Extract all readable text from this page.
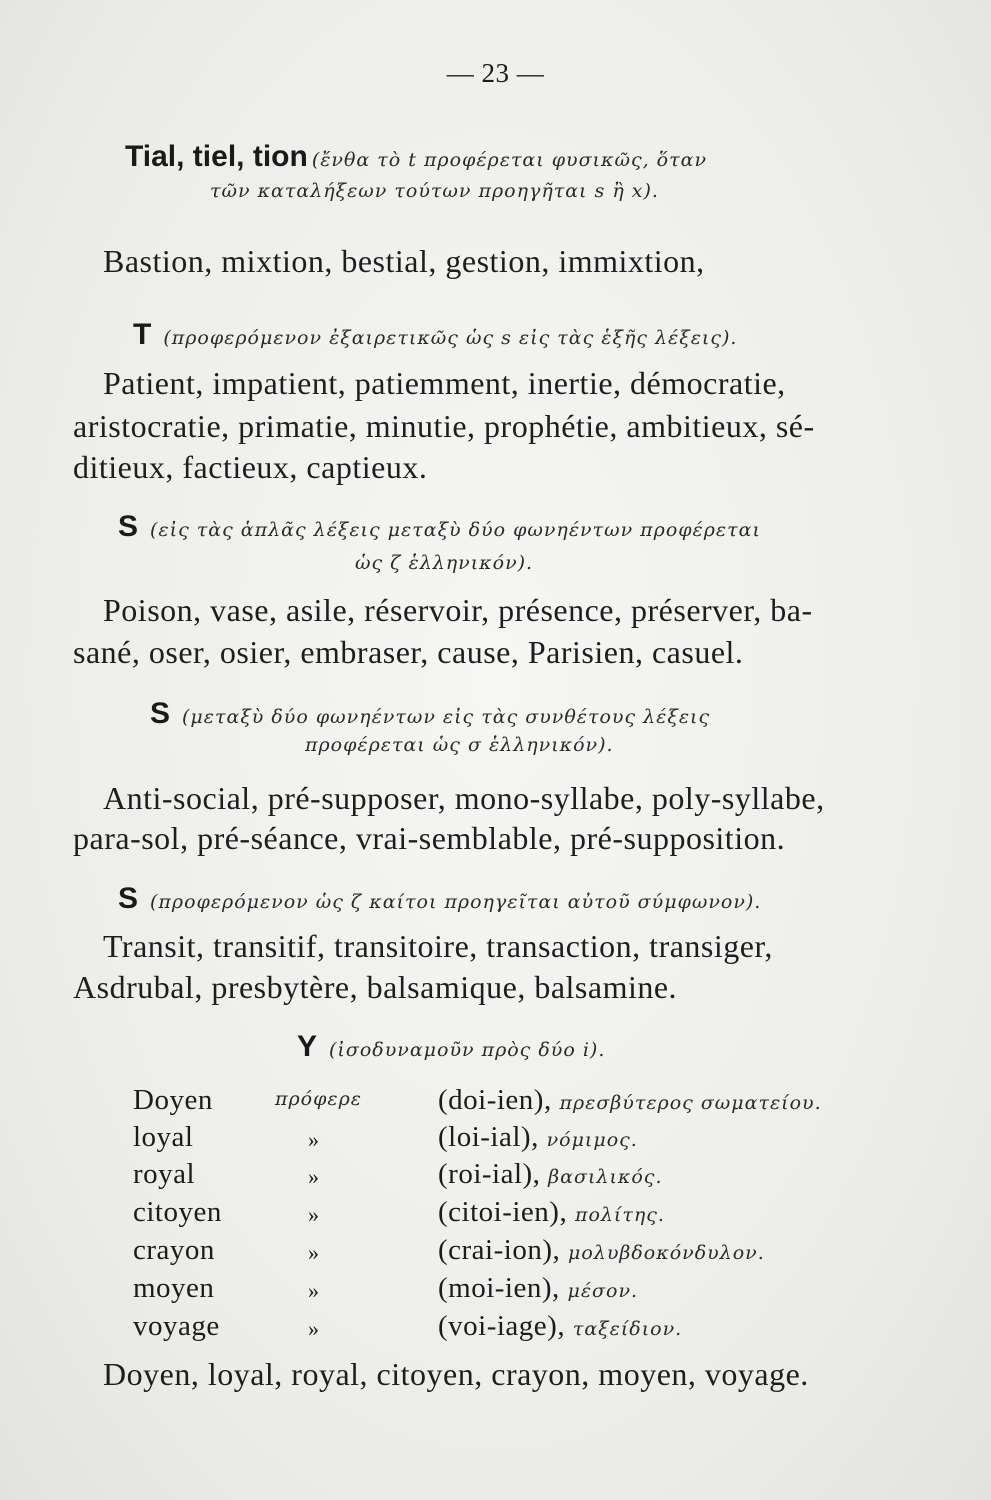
— 23 —
Tial, tiel, tion (ἔνθα τὸ t προφέρεται φυσικῶς, ὅταν
τῶν καταλήξεων τούτων προηγῆται s ἢ x).
Bastion, mixtion, bestial, gestion, immixtion,
T (προφερόμενον ἐξαιρετικῶς ὡς s εἰς τὰς ἑξῆς λέξεις).
Patient, impatient, patiemment, inertie, démocratie,
aristocratie, primatie, minutie, prophétie, ambitieux, sé-
ditieux, factieux, captieux.
S (εἰς τὰς ἁπλᾶς λέξεις μεταξὺ δύο φωνηέντων προφέρεται
ὡς ζ ἑλληνικόν).
Poison, vase, asile, réservoir, présence, préserver, ba-
sané, oser, osier, embraser, cause, Parisien, casuel.
S (μεταξὺ δύο φωνηέντων εἰς τὰς συνθέτους λέξεις
προφέρεται ὡς σ ἑλληνικόν).
Anti-social, pré-supposer, mono-syllabe, poly-syllabe,
para-sol, pré-séance, vrai-semblable, pré-supposition.
S (προφερόμενον ὡς ζ καίτοι προηγεῖται αὐτοῦ σύμφωνον).
Transit, transitif, transitoire, transaction, transiger,
Asdrubal, presbytère, balsamique, balsamine.
Y (ἰσοδυναμοῦν πρὸς δύο i).
Doyen	πρόφερε	(doi-ien), πρεσβύτερος σωματείου.
loyal	»	(loi-ial), νόμιμος.
royal	»	(roi-ial), βασιλικός.
citoyen	»	(citoi-ien), πολίτης.
crayon	»	(crai-ion), μολυβδοκόνδυλον.
moyen	»	(moi-ien), μέσον.
voyage	»	(voi-iage), ταξείδιον.
Doyen, loyal, royal, citoyen, crayon, moyen, voyage.
